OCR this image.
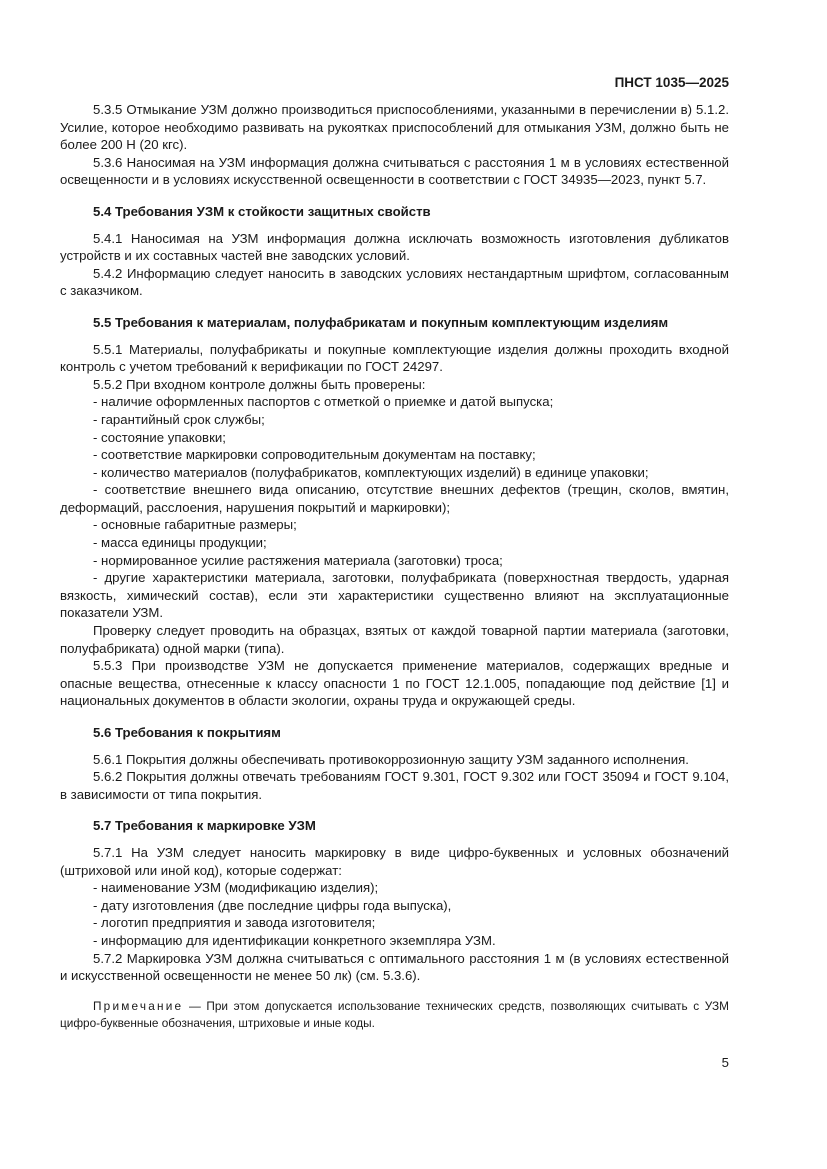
ПНСТ 1035—2025

5.3.5 Отмыкание УЗМ должно производиться приспособлениями, указанными в перечислении в) 5.1.2. Усилие, которое необходимо развивать на рукоятках приспособлений для отмыкания УЗМ, должно быть не более 200 Н (20 кгс).

5.3.6 Наносимая на УЗМ информация должна считываться с расстояния 1 м в условиях естественной освещенности и в условиях искусственной освещенности в соответствии с ГОСТ 34935—2023, пункт 5.7.

5.4 Требования УЗМ к стойкости защитных свойств

5.4.1 Наносимая на УЗМ информация должна исключать возможность изготовления дубликатов устройств и их составных частей вне заводских условий.

5.4.2 Информацию следует наносить в заводских условиях нестандартным шрифтом, согласованным с заказчиком.

5.5 Требования к материалам, полуфабрикатам и покупным комплектующим изделиям

5.5.1 Материалы, полуфабрикаты и покупные комплектующие изделия должны проходить входной контроль с учетом требований к верификации по ГОСТ 24297.

5.5.2 При входном контроле должны быть проверены:

- наличие оформленных паспортов с отметкой о приемке и датой выпуска;

- гарантийный срок службы;

- состояние упаковки;

- соответствие маркировки сопроводительным документам на поставку;

- количество материалов (полуфабрикатов, комплектующих изделий) в единице упаковки;

- соответствие внешнего вида описанию, отсутствие внешних дефектов (трещин, сколов, вмятин, деформаций, расслоения, нарушения покрытий и маркировки);

- основные габаритные размеры;

- масса единицы продукции;

- нормированное усилие растяжения материала (заготовки) троса;

- другие характеристики материала, заготовки, полуфабриката (поверхностная твердость, ударная вязкость, химический состав), если эти характеристики существенно влияют на эксплуатационные показатели УЗМ.

Проверку следует проводить на образцах, взятых от каждой товарной партии материала (заготовки, полуфабриката) одной марки (типа).

5.5.3 При производстве УЗМ не допускается применение материалов, содержащих вредные и опасные вещества, отнесенные к классу опасности 1 по ГОСТ 12.1.005, попадающие под действие [1] и национальных документов в области экологии, охраны труда и окружающей среды.

5.6 Требования к покрытиям

5.6.1 Покрытия должны обеспечивать противокоррозионную защиту УЗМ заданного исполнения.

5.6.2 Покрытия должны отвечать требованиям ГОСТ 9.301, ГОСТ 9.302 или ГОСТ 35094 и ГОСТ 9.104, в зависимости от типа покрытия.

5.7 Требования к маркировке УЗМ

5.7.1 На УЗМ следует наносить маркировку в виде цифро-буквенных и условных обозначений (штриховой или иной код), которые содержат:

- наименование УЗМ (модификацию изделия);

- дату изготовления (две последние цифры года выпуска),

- логотип предприятия и завода изготовителя;

- информацию для идентификации конкретного экземпляра УЗМ.

5.7.2 Маркировка УЗМ должна считываться с оптимального расстояния 1 м (в условиях естественной и искусственной освещенности не менее 50 лк) (см. 5.3.6).

Примечание — При этом допускается использование технических средств, позволяющих считывать с УЗМ цифро-буквенные обозначения, штриховые и иные коды.

5
